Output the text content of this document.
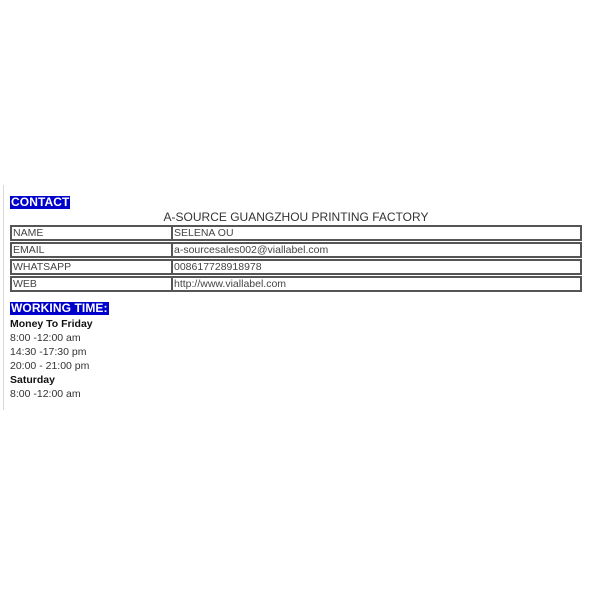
CONTACT
A-SOURCE GUANGZHOU PRINTING FACTORY
NAME	SELENA OU
EMAIL	a-sourcesales002@viallabel.com
WHATSAPP	008617728918978
WEB	http://www.viallabel.com
WORKING TIME:
Money To Friday
8:00 -12:00 am
14:30 -17:30 pm
20:00 - 21:00 pm
Saturday
8:00 -12:00 am
